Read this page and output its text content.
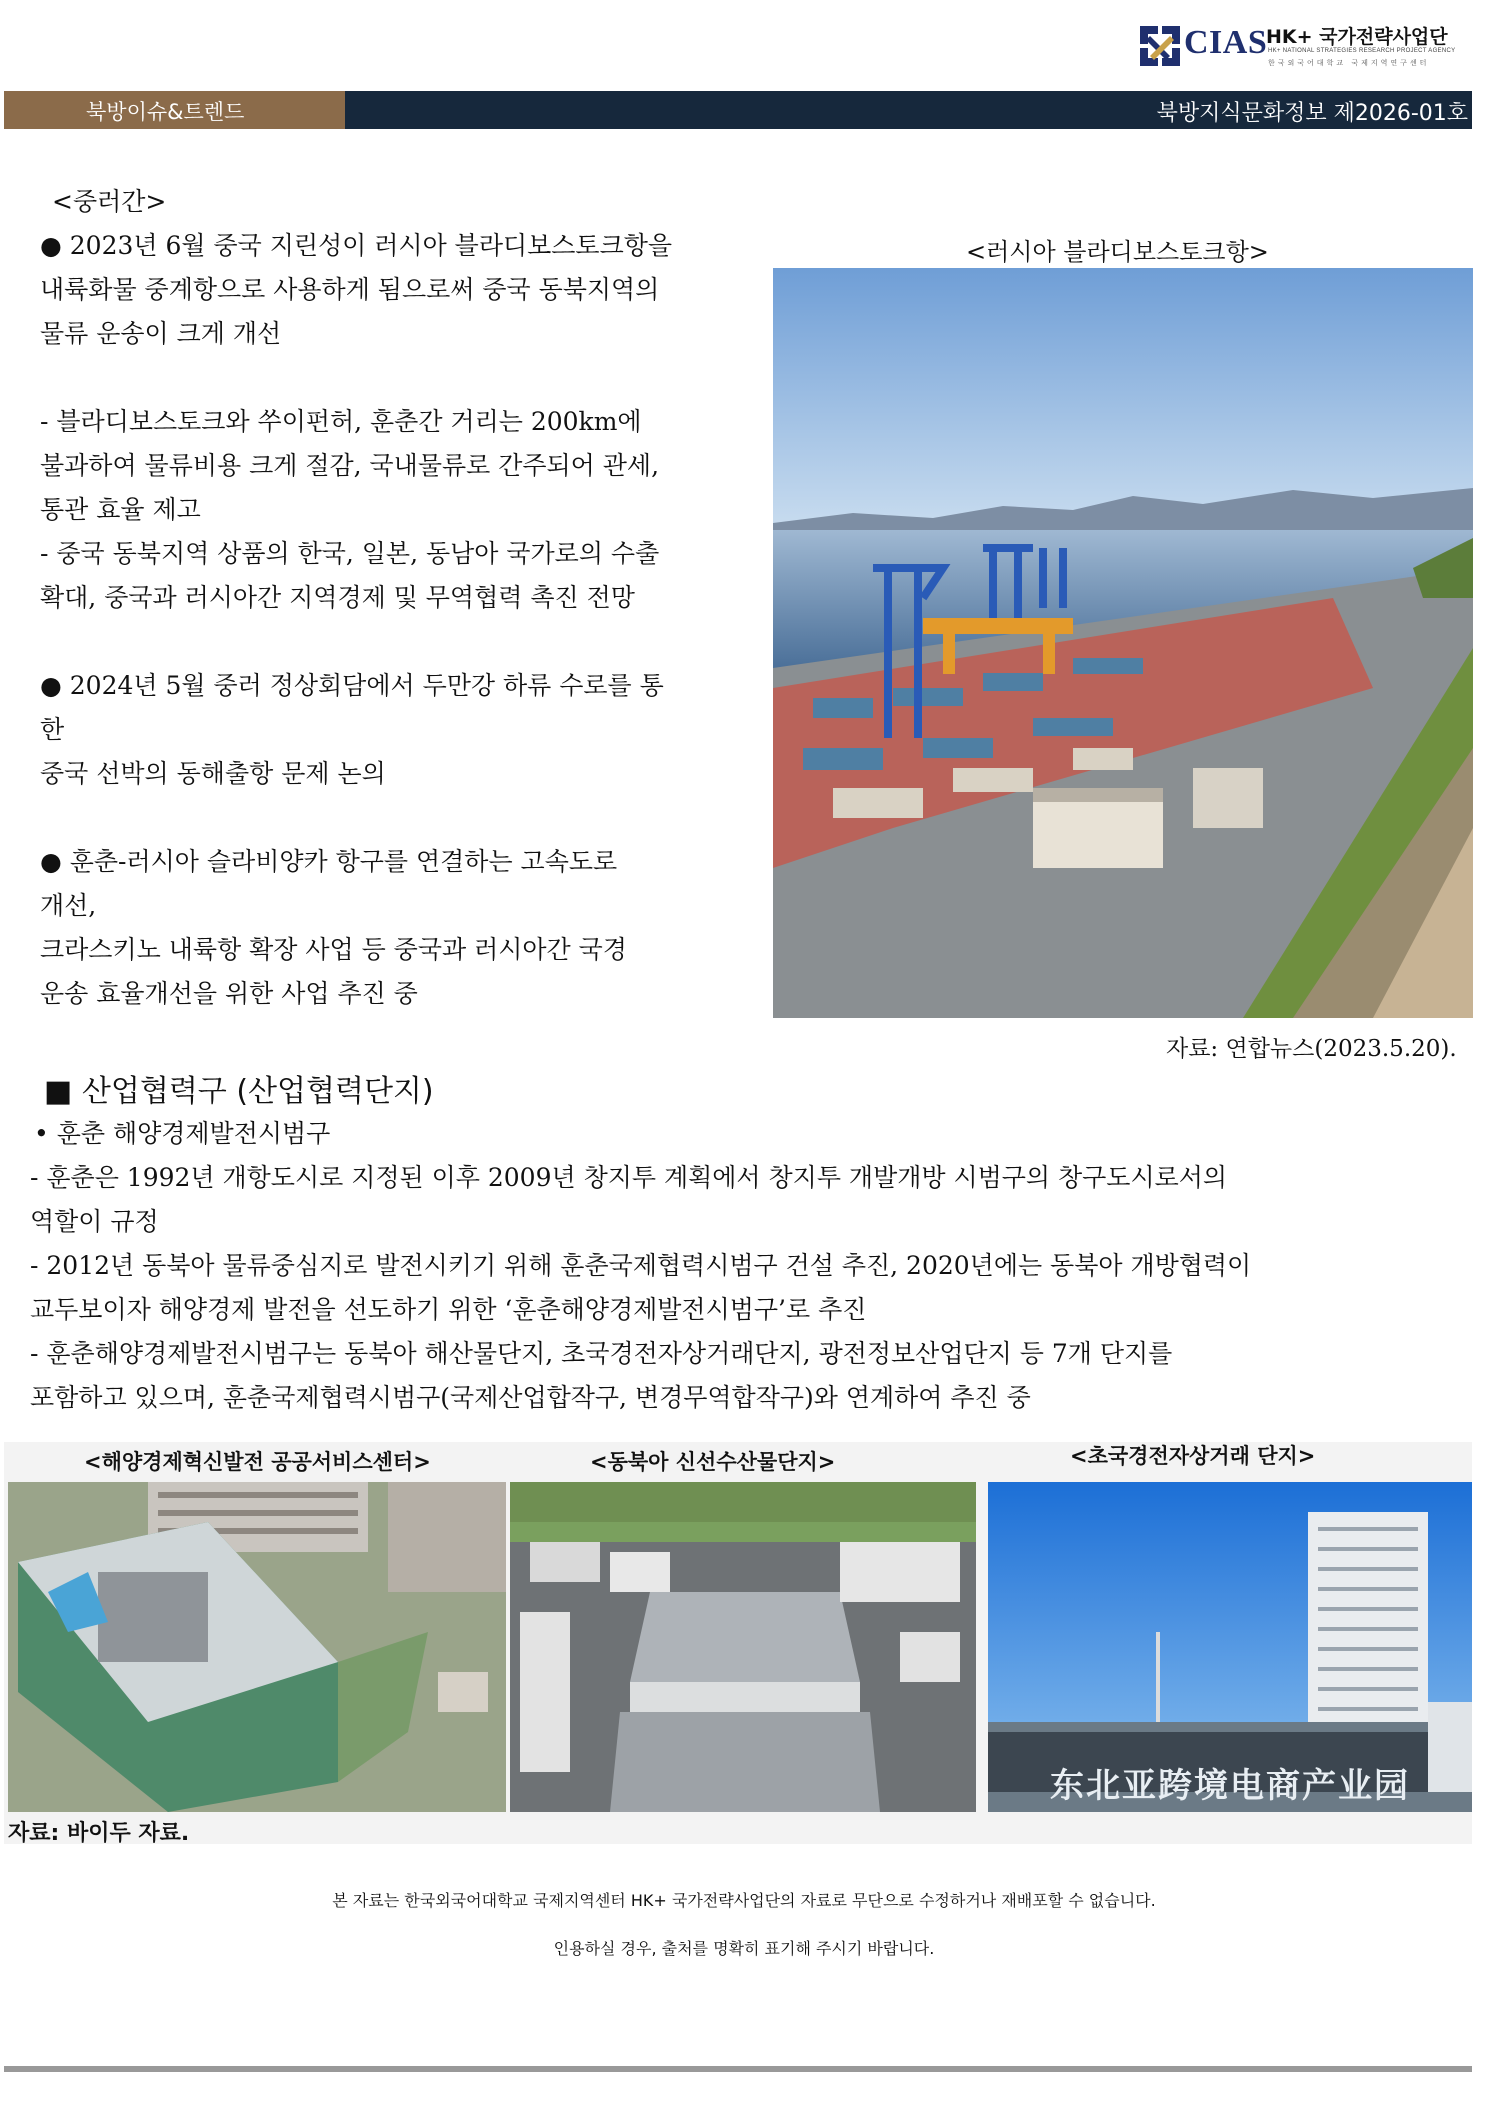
CIAS
HK+ 국가전략사업단
HK+ NATIONAL STRATEGIES RESEARCH PROJECT AGENCY
한국외국어대학교 국제지역연구센터
북방이슈&트렌드	북방지식문화정보 제2026-01호
<중러간>
● 2023년 6월 중국 지린성이 러시아 블라디보스토크항을
내륙화물 중계항으로 사용하게 됨으로써 중국 동북지역의
물류 운송이 크게 개선
- 블라디보스토크와 쑤이펀허, 훈춘간 거리는 200km에
불과하여 물류비용 크게 절감, 국내물류로 간주되어 관세,
통관 효율 제고
- 중국 동북지역 상품의 한국, 일본, 동남아 국가로의 수출
확대, 중국과 러시아간 지역경제 및 무역협력 촉진 전망
● 2024년 5월 중러 정상회담에서 두만강 하류 수로를 통
한
중국 선박의 동해출항 문제 논의
● 훈춘-러시아 슬라비양카 항구를 연결하는 고속도로
개선,
크라스키노 내륙항 확장 사업 등 중국과 러시아간 국경
운송 효율개선을 위한 사업 추진 중
<러시아 블라디보스토크항>
자료: 연합뉴스(2023.5.20).
■ 산업협력구 (산업협력단지)
• 훈춘 해양경제발전시범구
- 훈춘은 1992년 개항도시로 지정된 이후 2009년 창지투 계획에서 창지투 개발개방 시범구의 창구도시로서의
역할이 규정
- 2012년 동북아 물류중심지로 발전시키기 위해 훈춘국제협력시범구 건설 추진, 2020년에는 동북아 개방협력이
교두보이자 해양경제 발전을 선도하기 위한 ‘훈춘해양경제발전시범구’로 추진
- 훈춘해양경제발전시범구는 동북아 해산물단지, 초국경전자상거래단지, 광전정보산업단지 등 7개 단지를
포함하고 있으며, 훈춘국제협력시범구(국제산업합작구, 변경무역합작구)와 연계하여 추진 중
<해양경제혁신발전 공공서비스센터>	<동북아 신선수산물단지>	<초국경전자상거래 단지>
东北亚跨境电商产业园
자료: 바이두 자료.
본 자료는 한국외국어대학교 국제지역센터 HK+ 국가전략사업단의 자료로 무단으로 수정하거나 재배포할 수 없습니다.
인용하실 경우, 출처를 명확히 표기해 주시기 바랍니다.
